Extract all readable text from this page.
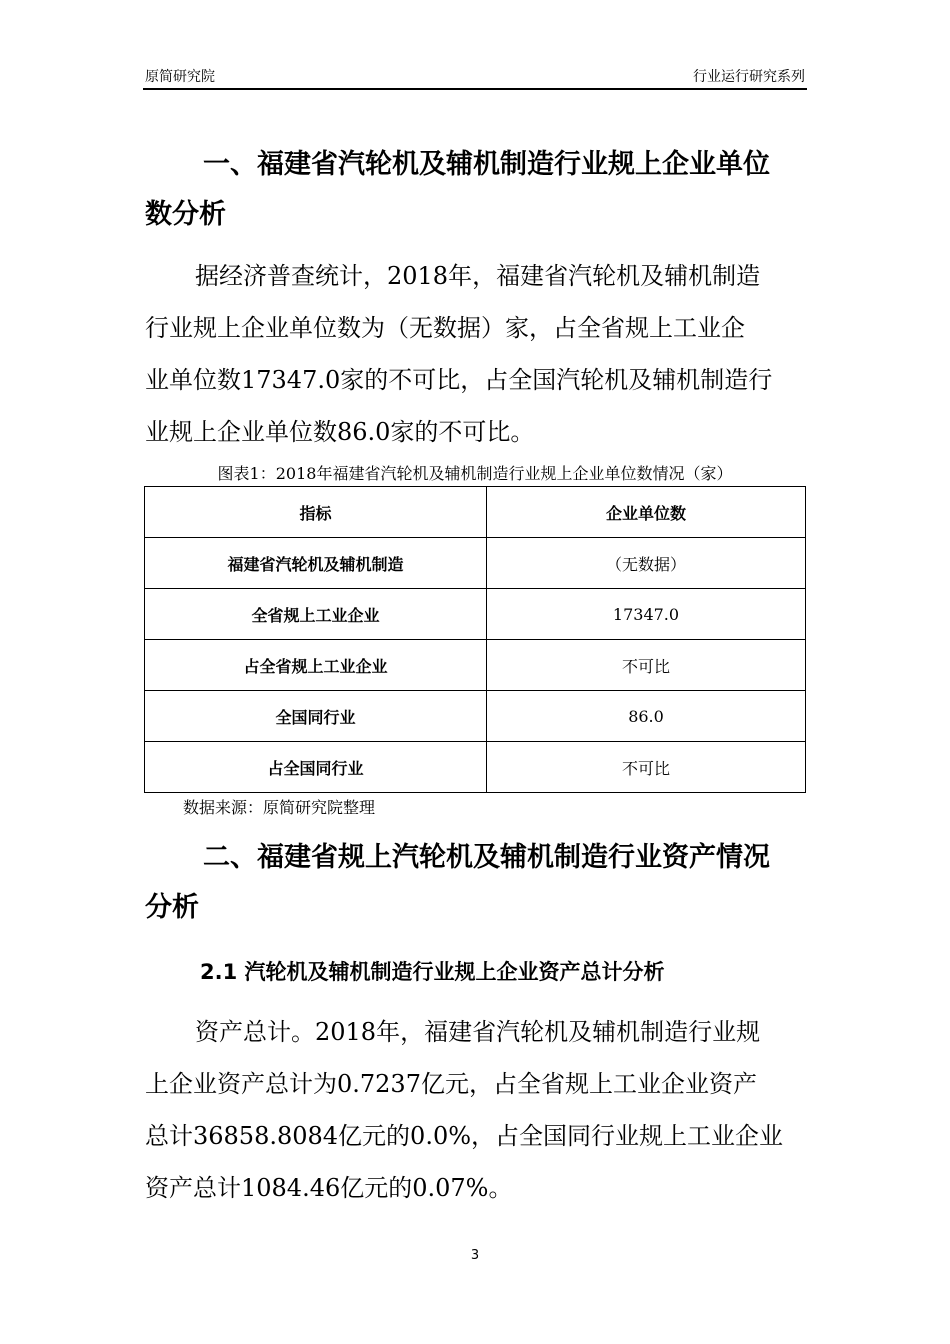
原简研究院	行业运行研究系列
一、福建省汽轮机及辅机制造行业规上企业单位
数分析
据经济普查统计，2018年，福建省汽轮机及辅机制造
行业规上企业单位数为（无数据）家，占全省规上工业企
业单位数17347.0家的不可比，占全国汽轮机及辅机制造行
业规上企业单位数86.0家的不可比。
图表1：2018年福建省汽轮机及辅机制造行业规上企业单位数情况（家）
指标	企业单位数
福建省汽轮机及辅机制造	（无数据）
全省规上工业企业	17347.0
占全省规上工业企业	不可比
全国同行业	86.0
占全国同行业	不可比
数据来源：原简研究院整理
二、福建省规上汽轮机及辅机制造行业资产情况
分析
2.1 汽轮机及辅机制造行业规上企业资产总计分析
资产总计。2018年，福建省汽轮机及辅机制造行业规
上企业资产总计为0.7237亿元，占全省规上工业企业资产
总计36858.8084亿元的0.0%，占全国同行业规上工业企业
资产总计1084.46亿元的0.07%。
3
